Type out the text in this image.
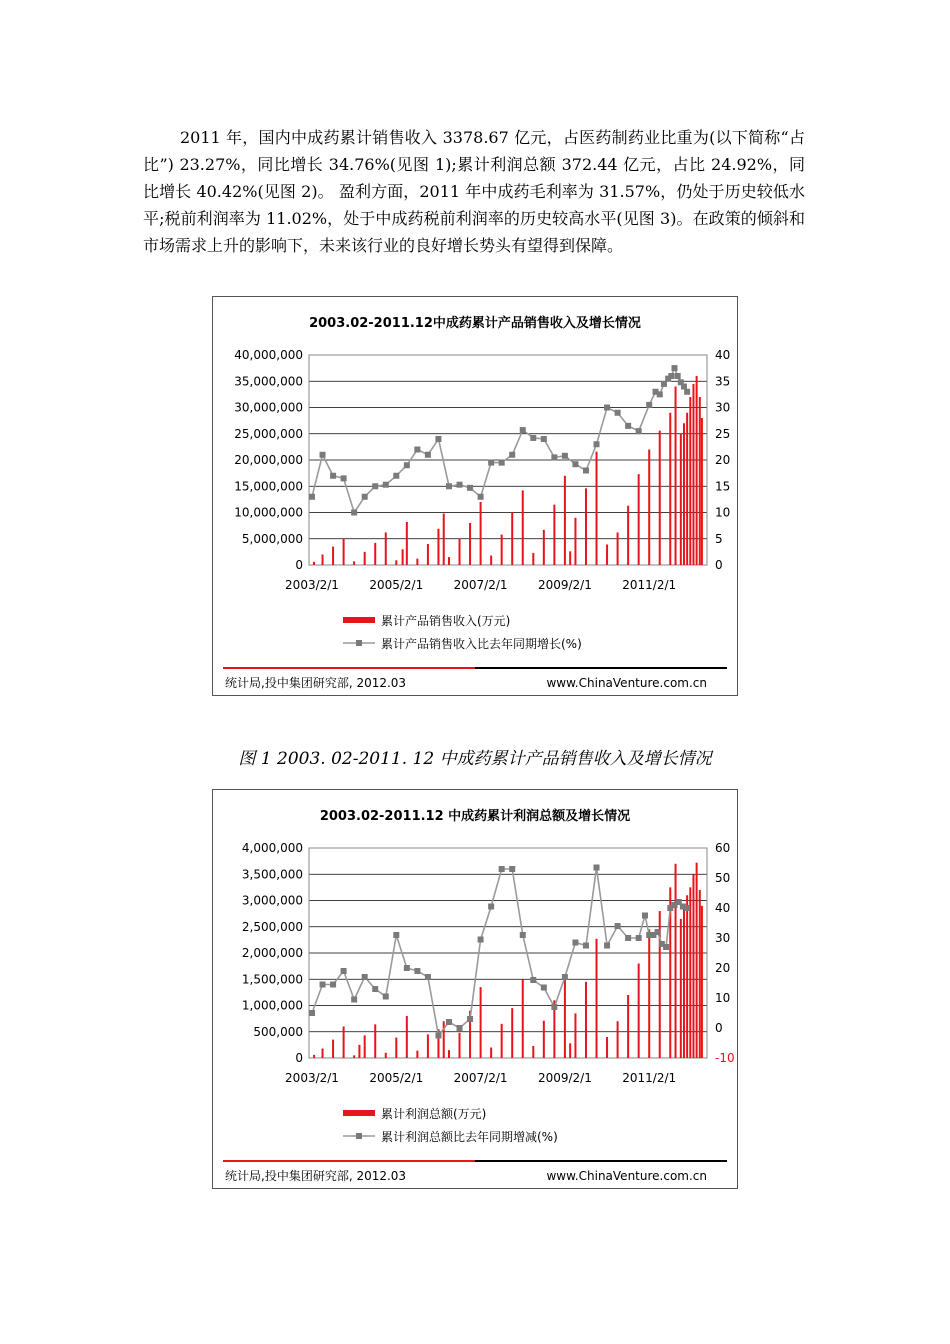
2011 年，国内中成药累计销售收入 3378.67 亿元，占医药制药业比重为(以下简称“占比”) 23.27%，同比增长 34.76%(见图 1);累计利润总额 372.44 亿元，占比 24.92%，同比增长 40.42%(见图 2)。 盈利方面，2011 年中成药毛利率为 31.57%，仍处于历史较低水平;税前利润率为 11.02%，处于中成药税前利润率的历史较高水平(见图 3)。在政策的倾斜和市场需求上升的影响下，未来该行业的良好增长势头有望得到保障。

2003.02-2011.12中成药累计产品销售收入及增长情况
40,000,000
35,000,000
30,000,000
25,000,000
20,000,000
15,000,000
10,000,000
5,000,000
0
40
35
30
25
20
15
10
5
0
2003/2/1	2005/2/1	2007/2/1	2009/2/1	2011/2/1
累计产品销售收入(万元)
累计产品销售收入比去年同期增长(%)
统计局,投中集团研究部, 2012.03	www.ChinaVenture.com.cn
图 1 2003. 02-2011. 12 中成药累计产品销售收入及增长情况
2003.02-2011.12 中成药累计利润总额及增长情况
4,000,000
3,500,000
3,000,000
2,500,000
2,000,000
1,500,000
1,000,000
500,000
0
60
50
40
30
20
10
0
-10
2003/2/1	2005/2/1	2007/2/1	2009/2/1	2011/2/1
累计利润总额(万元)
累计利润总额比去年同期增减(%)
统计局,投中集团研究部, 2012.03	www.ChinaVenture.com.cn
